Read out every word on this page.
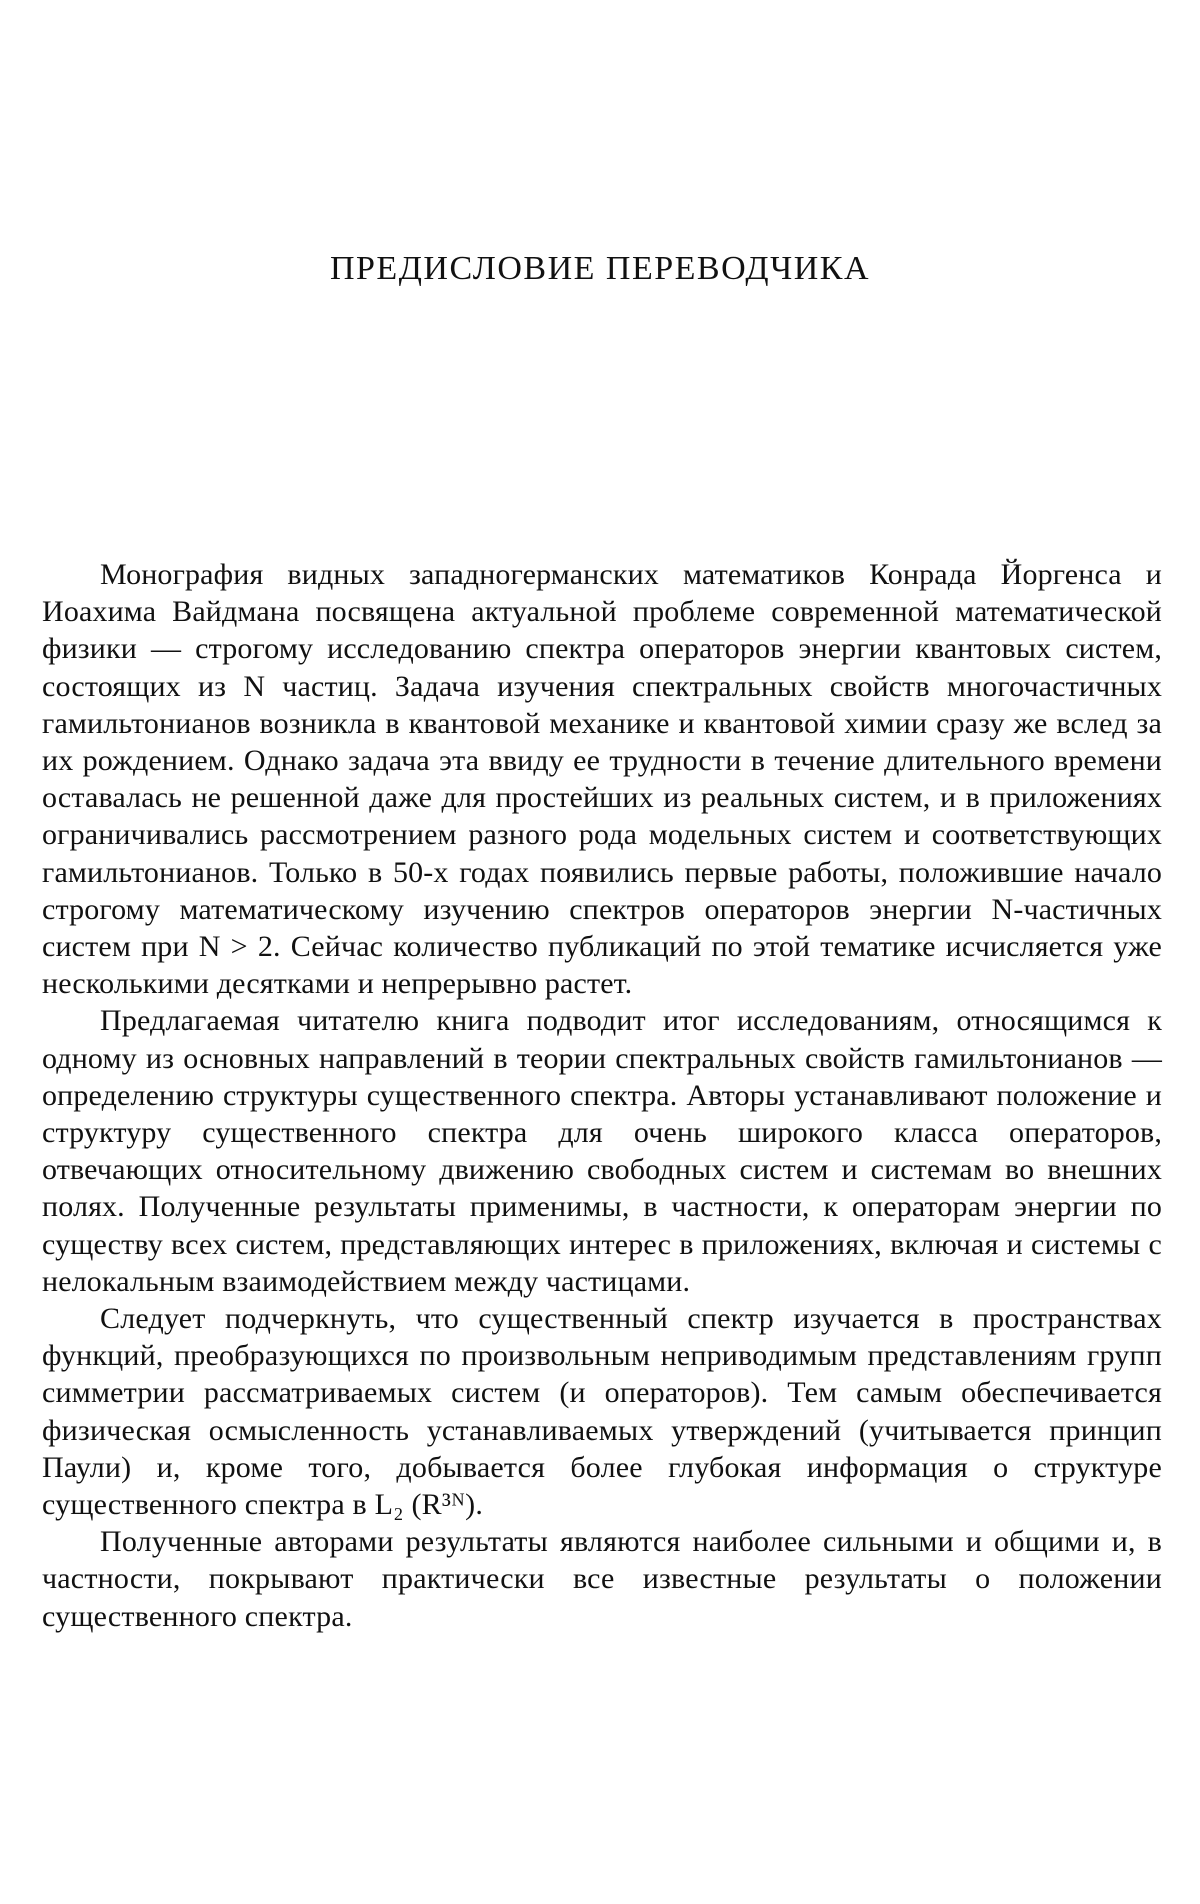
ПРЕДИСЛОВИЕ ПЕРЕВОДЧИКА

Монография видных западногерманских математиков Конрада Йоргенса и Иоахима Вайдмана посвящена актуальной проблеме современной математической физики — строгому исследованию спектра операторов энергии квантовых систем, состоящих из N частиц. Задача изучения спектральных свойств многочастичных гамильтонианов возникла в квантовой механике и квантовой химии сразу же вслед за их рождением. Однако задача эта ввиду ее трудности в течение длительного времени оставалась не решенной даже для простейших из реальных систем, и в приложениях ограничивались рассмотрением разного рода модельных систем и соответствующих гамильтонианов. Только в 50-х годах появились первые работы, положившие начало строгому математическому изучению спектров операторов энергии N-частичных систем при N > 2. Сейчас количество публикаций по этой тематике исчисляется уже несколькими десятками и непрерывно растет.

Предлагаемая читателю книга подводит итог исследованиям, относящимся к одному из основных направлений в теории спектральных свойств гамильтонианов — определению структуры существенного спектра. Авторы устанавливают положение и структуру существенного спектра для очень широкого класса операторов, отвечающих относительному движению свободных систем и системам во внешних полях. Полученные результаты применимы, в частности, к операторам энергии по существу всех систем, представляющих интерес в приложениях, включая и системы с нелокальным взаимодействием между частицами.

Следует подчеркнуть, что существенный спектр изучается в пространствах функций, преобразующихся по произвольным неприводимым представлениям групп симметрии рассматриваемых систем (и операторов). Тем самым обеспечивается физическая осмысленность устанавливаемых утверждений (учитывается принцип Паули) и, кроме того, добывается более глубокая информация о структуре существенного спектра в L₂ (R³ᴺ).

Полученные авторами результаты являются наиболее сильными и общими и, в частности, покрывают практически все известные результаты о положении существенного спектра.
